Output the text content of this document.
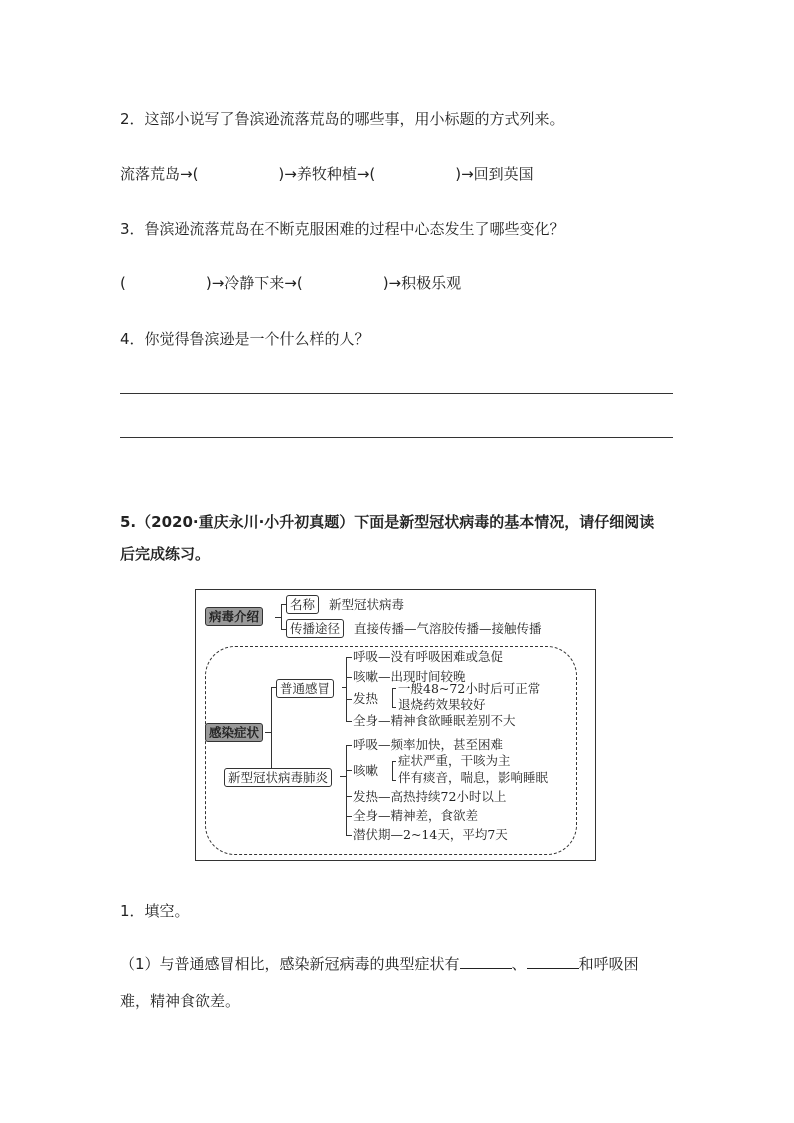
2．这部小说写了鲁滨逊流落荒岛的哪些事，用小标题的方式列来。
流落荒岛→(	)→养牧种植→(	)→回到英国
3．鲁滨逊流落荒岛在不断克服困难的过程中心态发生了哪些变化？
(	)→冷静下来→(	)→积极乐观
4．你觉得鲁滨逊是一个什么样的人？
5.（2020·重庆永川·小升初真题）下面是新型冠状病毒的基本情况，请仔细阅读
后完成练习。
病毒介绍
名称	新型冠状病毒
传播途径	直接传播—气溶胶传播—接触传播
感染症状
普通感冒
呼吸—没有呼吸困难或急促
咳嗽—出现时间较晚
发热
一般48~72小时后可正常
退烧药效果较好
全身—精神食欲睡眠差别不大
新型冠状病毒肺炎
呼吸—频率加快，甚至困难
咳嗽
症状严重，干咳为主
伴有痰音，喘息，影响睡眠
发热—高热持续72小时以上
全身—精神差，食欲差
潜伏期—2~14天，平均7天
1．填空。
（1）与普通感冒相比，感染新冠病毒的典型症状有	、	和呼吸困
难，精神食欲差。
